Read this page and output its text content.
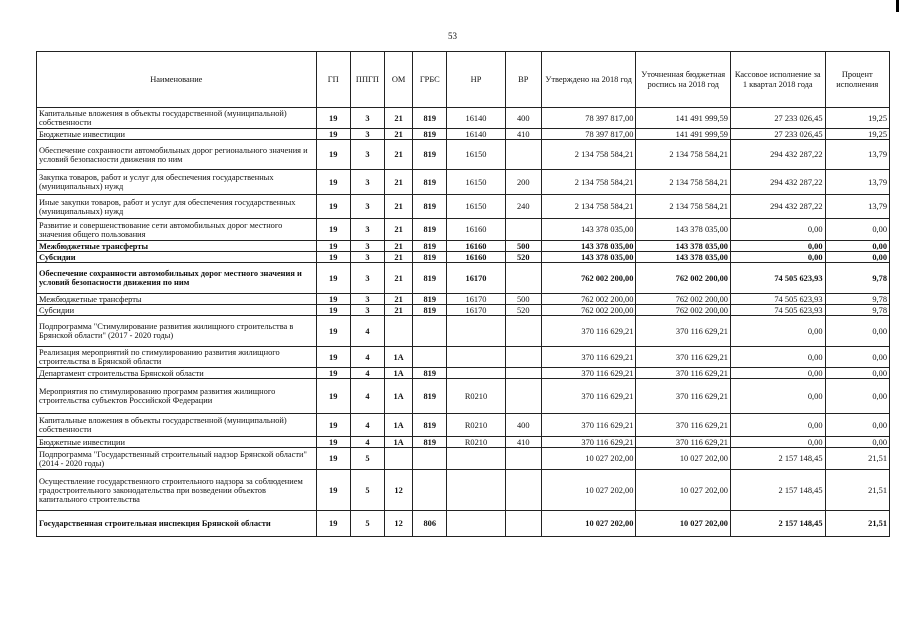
53
Наименование	ГП	ППГП	ОМ	ГРБС	НР	ВР	Утверждено на 2018 год	Уточненная бюджетная роспись на 2018 год	Кассовое исполнение за 1 квартал 2018 года	Процент исполнения
Капитальные вложения в объекты государственной (муниципальной) собственности	19	3	21	819	16140	400	78 397 817,00	141 491 999,59	27 233 026,45	19,25
Бюджетные инвестиции	19	3	21	819	16140	410	78 397 817,00	141 491 999,59	27 233 026,45	19,25
Обеспечение сохранности автомобильных дорог регионального значения и условий безопасности движения по ним	19	3	21	819	16150		2 134 758 584,21	2 134 758 584,21	294 432 287,22	13,79
Закупка товаров, работ и услуг для обеспечения государственных (муниципальных) нужд	19	3	21	819	16150	200	2 134 758 584,21	2 134 758 584,21	294 432 287,22	13,79
Иные закупки товаров, работ и услуг для обеспечения государственных (муниципальных) нужд	19	3	21	819	16150	240	2 134 758 584,21	2 134 758 584,21	294 432 287,22	13,79
Развитие и совершенствование сети автомобильных дорог местного значения общего пользования	19	3	21	819	16160		143 378 035,00	143 378 035,00	0,00	0,00
Межбюджетные трансферты	19	3	21	819	16160	500	143 378 035,00	143 378 035,00	0,00	0,00
Субсидии	19	3	21	819	16160	520	143 378 035,00	143 378 035,00	0,00	0,00
Обеспечение сохранности автомобильных дорог местного значения и условий безопасности движения по ним	19	3	21	819	16170		762 002 200,00	762 002 200,00	74 505 623,93	9,78
Межбюджетные трансферты	19	3	21	819	16170	500	762 002 200,00	762 002 200,00	74 505 623,93	9,78
Субсидии	19	3	21	819	16170	520	762 002 200,00	762 002 200,00	74 505 623,93	9,78
Подпрограмма "Стимулирование развития жилищного строительства в Брянской области" (2017 - 2020 годы)	19	4					370 116 629,21	370 116 629,21	0,00	0,00
Реализация мероприятий по стимулированию развития жилищного строительства в Брянской области	19	4	1А				370 116 629,21	370 116 629,21	0,00	0,00
Департамент строительства Брянской области	19	4	1А	819			370 116 629,21	370 116 629,21	0,00	0,00
Мероприятия по стимулированию программ развития жилищного строительства субъектов Российской Федерации	19	4	1А	819	R0210		370 116 629,21	370 116 629,21	0,00	0,00
Капитальные вложения в объекты государственной (муниципальной) собственности	19	4	1А	819	R0210	400	370 116 629,21	370 116 629,21	0,00	0,00
Бюджетные инвестиции	19	4	1А	819	R0210	410	370 116 629,21	370 116 629,21	0,00	0,00
Подпрограмма "Государственный строительный надзор Брянской области" (2014 - 2020 годы)	19	5					10 027 202,00	10 027 202,00	2 157 148,45	21,51
Осуществление государственного строительного надзора за соблюдением градостроительного законодательства при возведении объектов капитального строительства	19	5	12				10 027 202,00	10 027 202,00	2 157 148,45	21,51
Государственная строительная инспекция Брянской области	19	5	12	806			10 027 202,00	10 027 202,00	2 157 148,45	21,51
